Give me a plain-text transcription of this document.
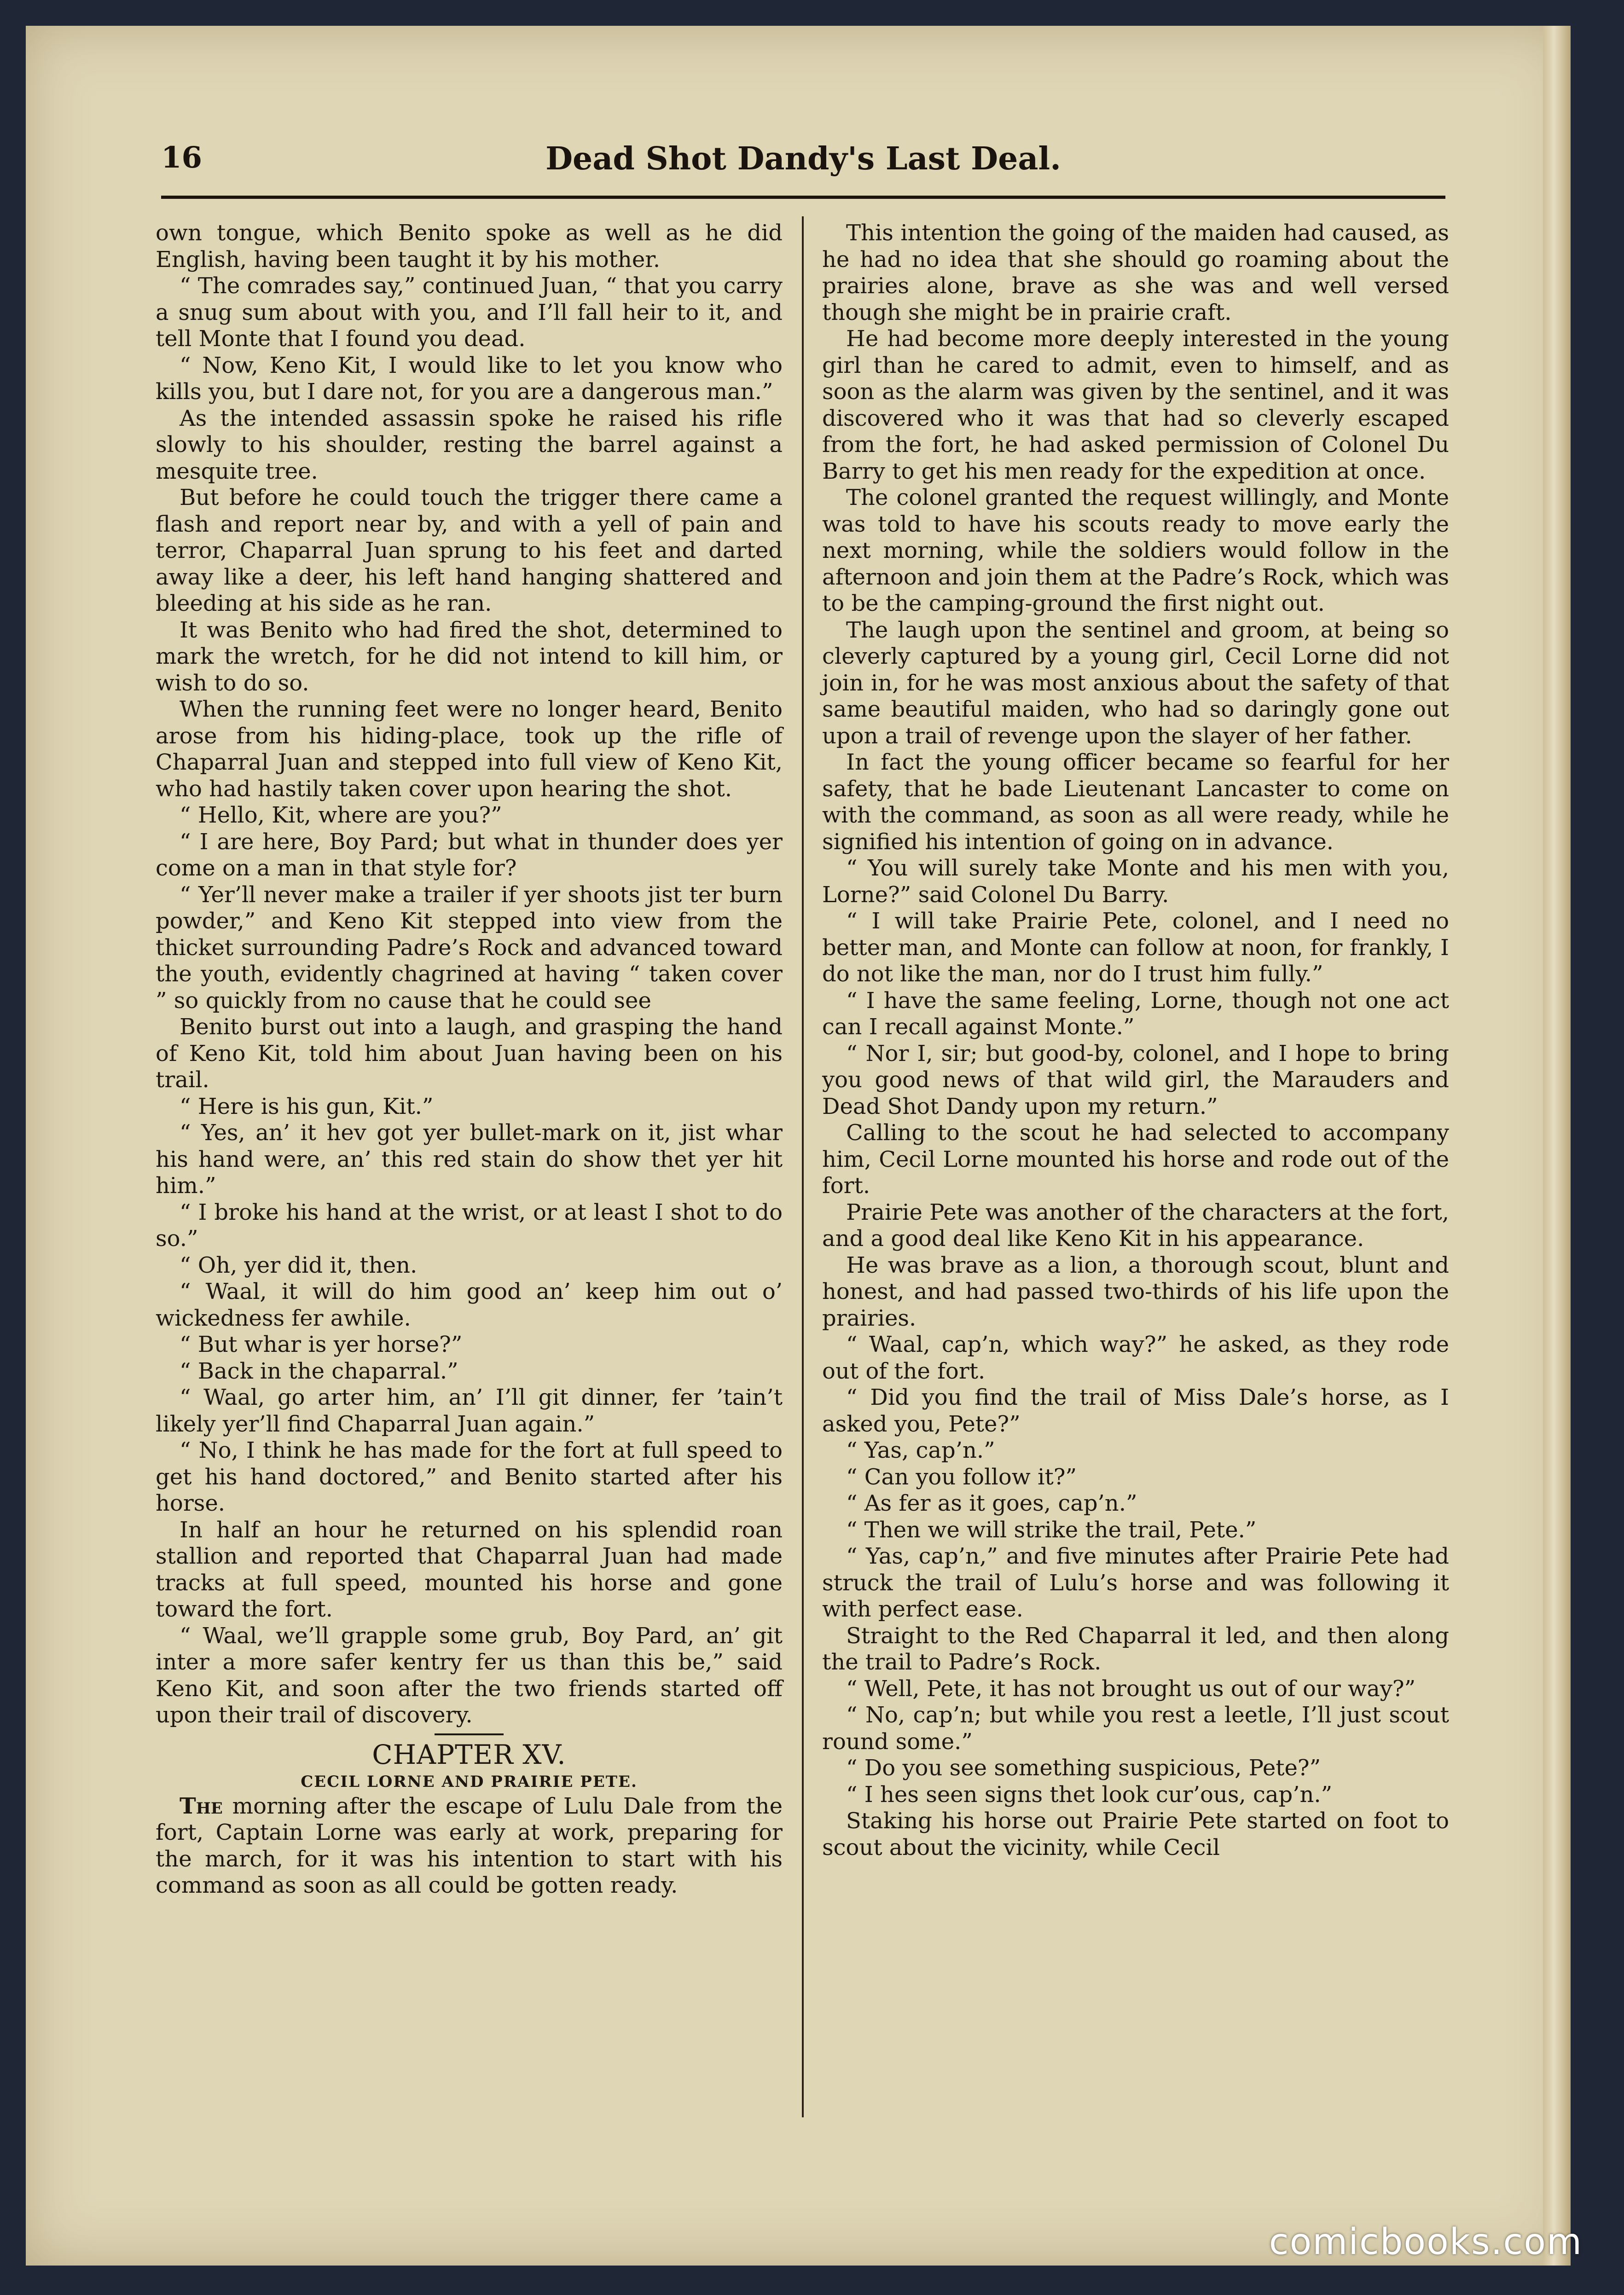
Dead Shot Dandy's Last Deal.
16

own tongue, which Benito spoke as well as he did English, having been taught it by his mother.

“ The comrades say,” continued Juan, “ that you carry a snug sum about with you, and I’ll fall heir to it, and tell Monte that I found you dead.

“ Now, Keno Kit, I would like to let you know who kills you, but I dare not, for you are a dangerous man.”

As the intended assassin spoke he raised his rifle slowly to his shoulder, resting the barrel against a mesquite tree.

But before he could touch the trigger there came a flash and report near by, and with a yell of pain and terror, Chaparral Juan sprung to his feet and darted away like a deer, his left hand hanging shattered and bleeding at his side as he ran.

It was Benito who had fired the shot, determined to mark the wretch, for he did not intend to kill him, or wish to do so.

When the running feet were no longer heard, Benito arose from his hiding-place, took up the rifle of Chaparral Juan and stepped into full view of Keno Kit, who had hastily taken cover upon hearing the shot.

“ Hello, Kit, where are you?”

“ I are here, Boy Pard; but what in thunder does yer come on a man in that style for?

“ Yer’ll never make a trailer if yer shoots jist ter burn powder,” and Keno Kit stepped into view from the thicket surrounding Padre’s Rock and advanced toward the youth, evidently chagrined at having “ taken cover ” so quickly from no cause that he could see

Benito burst out into a laugh, and grasping the hand of Keno Kit, told him about Juan having been on his trail.

“ Here is his gun, Kit.”

“ Yes, an’ it hev got yer bullet-mark on it, jist whar his hand were, an’ this red stain do show thet yer hit him.”

“ I broke his hand at the wrist, or at least I shot to do so.”

“ Oh, yer did it, then.

“ Waal, it will do him good an’ keep him out o’ wickedness fer awhile.

“ But whar is yer horse?”

“ Back in the chaparral.”

“ Waal, go arter him, an’ I’ll git dinner, fer ’tain’t likely yer’ll find Chaparral Juan again.”

“ No, I think he has made for the fort at full speed to get his hand doctored,” and Benito started after his horse.

In half an hour he returned on his splendid roan stallion and reported that Chaparral Juan had made tracks at full speed, mounted his horse and gone toward the fort.

“ Waal, we’ll grapple some grub, Boy Pard, an’ git inter a more safer kentry fer us than this be,” said Keno Kit, and soon after the two friends started off upon their trail of discovery.

CHAPTER XV.
CECIL LORNE AND PRAIRIE PETE.

The morning after the escape of Lulu Dale from the fort, Captain Lorne was early at work, preparing for the march, for it was his intention to start with his command as soon as all could be gotten ready.

This intention the going of the maiden had caused, as he had no idea that she should go roaming about the prairies alone, brave as she was and well versed though she might be in prairie craft.

He had become more deeply interested in the young girl than he cared to admit, even to himself, and as soon as the alarm was given by the sentinel, and it was discovered who it was that had so cleverly escaped from the fort, he had asked permission of Colonel Du Barry to get his men ready for the expedition at once.

The colonel granted the request willingly, and Monte was told to have his scouts ready to move early the next morning, while the soldiers would follow in the afternoon and join them at the Padre’s Rock, which was to be the camping-ground the first night out.

The laugh upon the sentinel and groom, at being so cleverly captured by a young girl, Cecil Lorne did not join in, for he was most anxious about the safety of that same beautiful maiden, who had so daringly gone out upon a trail of revenge upon the slayer of her father.

In fact the young officer became so fearful for her safety, that he bade Lieutenant Lancaster to come on with the command, as soon as all were ready, while he signified his intention of going on in advance.

“ You will surely take Monte and his men with you, Lorne?” said Colonel Du Barry.

“ I will take Prairie Pete, colonel, and I need no better man, and Monte can follow at noon, for frankly, I do not like the man, nor do I trust him fully.”

“ I have the same feeling, Lorne, though not one act can I recall against Monte.”

“ Nor I, sir; but good-by, colonel, and I hope to bring you good news of that wild girl, the Marauders and Dead Shot Dandy upon my return.”

Calling to the scout he had selected to accompany him, Cecil Lorne mounted his horse and rode out of the fort.

Prairie Pete was another of the characters at the fort, and a good deal like Keno Kit in his appearance.

He was brave as a lion, a thorough scout, blunt and honest, and had passed two-thirds of his life upon the prairies.

“ Waal, cap’n, which way?” he asked, as they rode out of the fort.

“ Did you find the trail of Miss Dale’s horse, as I asked you, Pete?”

“ Yas, cap’n.”

“ Can you follow it?”

“ As fer as it goes, cap’n.”

“ Then we will strike the trail, Pete.”

“ Yas, cap’n,” and five minutes after Prairie Pete had struck the trail of Lulu’s horse and was following it with perfect ease.

Straight to the Red Chaparral it led, and then along the trail to Padre’s Rock.

“ Well, Pete, it has not brought us out of our way?”

“ No, cap’n; but while you rest a leetle, I’ll just scout round some.”

“ Do you see something suspicious, Pete?”

“ I hes seen signs thet look cur’ous, cap’n.”

Staking his horse out Prairie Pete started on foot to scout about the vicinity, while Cecil

comicbooks.com
